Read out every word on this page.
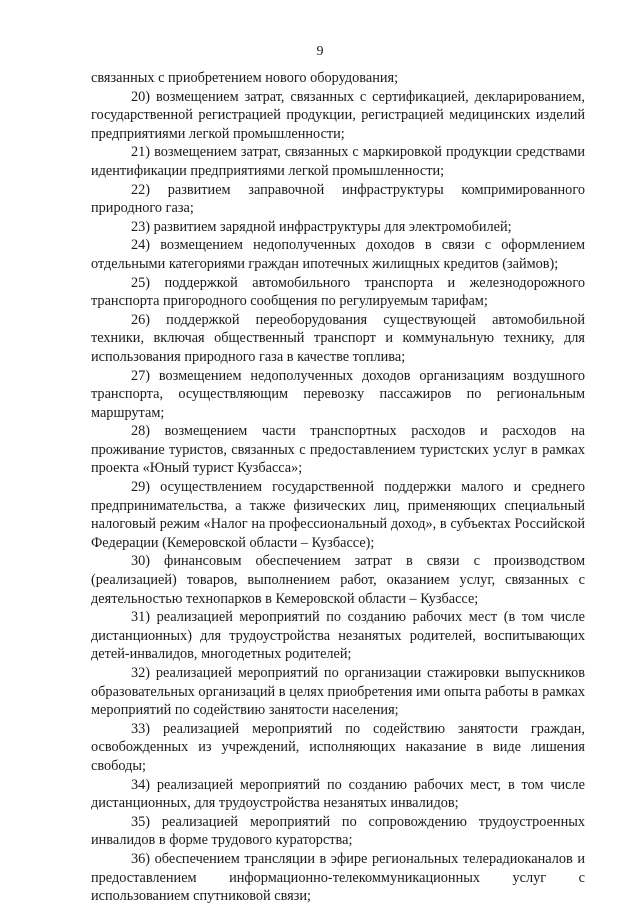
9

связанных с приобретением нового оборудования;

20) возмещением затрат, связанных с сертификацией, декларированием, государственной регистрацией продукции, регистрацией медицинских изделий предприятиями легкой промышленности;

21) возмещением затрат, связанных с маркировкой продукции средствами идентификации предприятиями легкой промышленности;

22) развитием заправочной инфраструктуры компримированного природного газа;

23) развитием зарядной инфраструктуры для электромобилей;

24) возмещением недополученных доходов в связи с оформлением отдельными категориями граждан ипотечных жилищных кредитов (займов);

25) поддержкой автомобильного транспорта и железнодорожного транспорта пригородного сообщения по регулируемым тарифам;

26) поддержкой переоборудования существующей автомобильной техники, включая общественный транспорт и коммунальную технику, для использования природного газа в качестве топлива;

27) возмещением недополученных доходов организациям воздушного транспорта, осуществляющим перевозку пассажиров по региональным маршрутам;

28) возмещением части транспортных расходов и расходов на проживание туристов, связанных с предоставлением туристских услуг в рамках проекта «Юный турист Кузбасса»;

29) осуществлением государственной поддержки малого и среднего предпринимательства, а также физических лиц, применяющих специальный налоговый режим «Налог на профессиональный доход», в субъектах Российской Федерации (Кемеровской области – Кузбассе);

30) финансовым обеспечением затрат в связи с производством (реализацией) товаров, выполнением работ, оказанием услуг, связанных с деятельностью технопарков в Кемеровской области – Кузбассе;

31) реализацией мероприятий по созданию рабочих мест (в том числе дистанционных) для трудоустройства незанятых родителей, воспитывающих детей-инвалидов, многодетных родителей;

32) реализацией мероприятий по организации стажировки выпускников образовательных организаций в целях приобретения ими опыта работы в рамках мероприятий по содействию занятости населения;

33) реализацией мероприятий по содействию занятости граждан, освобожденных из учреждений, исполняющих наказание в виде лишения свободы;

34) реализацией мероприятий по созданию рабочих мест, в том числе дистанционных, для трудоустройства незанятых инвалидов;

35) реализацией мероприятий по сопровождению трудоустроенных инвалидов в форме трудового кураторства;

36) обеспечением трансляции в эфире региональных телерадиоканалов и предоставлением информационно-телекоммуникационных услуг с использованием спутниковой связи;
